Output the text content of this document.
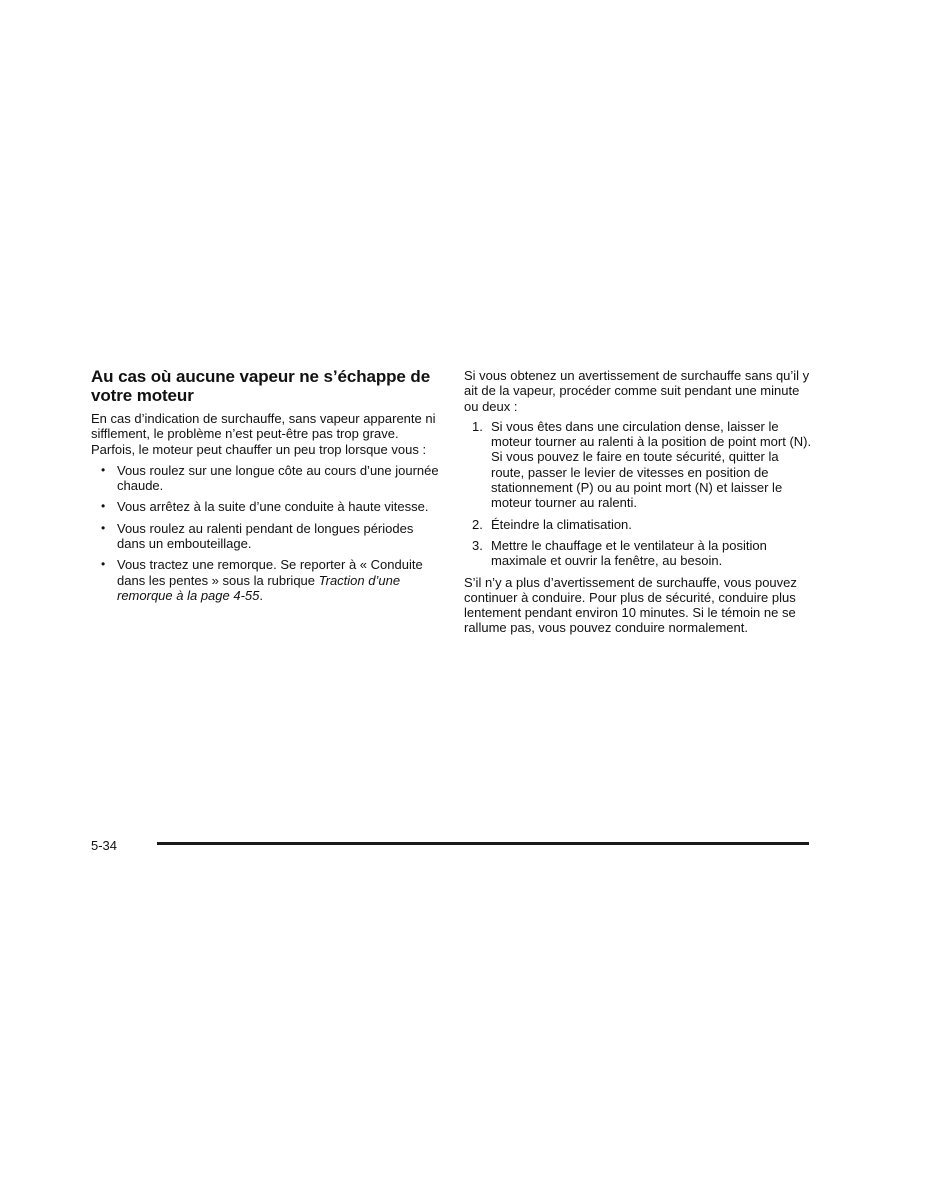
Au cas où aucune vapeur ne s’échappe de votre moteur

En cas d’indication de surchauffe, sans vapeur apparente ni sifflement, le problème n’est peut-être pas trop grave. Parfois, le moteur peut chauffer un peu trop lorsque vous :

• Vous roulez sur une longue côte au cours d’une journée chaude.
• Vous arrêtez à la suite d’une conduite à haute vitesse.
• Vous roulez au ralenti pendant de longues périodes dans un embouteillage.
• Vous tractez une remorque. Se reporter à « Conduite dans les pentes » sous la rubrique Traction d’une remorque à la page 4-55.

Si vous obtenez un avertissement de surchauffe sans qu’il y ait de la vapeur, procéder comme suit pendant une minute ou deux :

1. Si vous êtes dans une circulation dense, laisser le moteur tourner au ralenti à la position de point mort (N). Si vous pouvez le faire en toute sécurité, quitter la route, passer le levier de vitesses en position de stationnement (P) ou au point mort (N) et laisser le moteur tourner au ralenti.
2. Éteindre la climatisation.
3. Mettre le chauffage et le ventilateur à la position maximale et ouvrir la fenêtre, au besoin.

S’il n’y a plus d’avertissement de surchauffe, vous pouvez continuer à conduire. Pour plus de sécurité, conduire plus lentement pendant environ 10 minutes. Si le témoin ne se rallume pas, vous pouvez conduire normalement.

5-34
